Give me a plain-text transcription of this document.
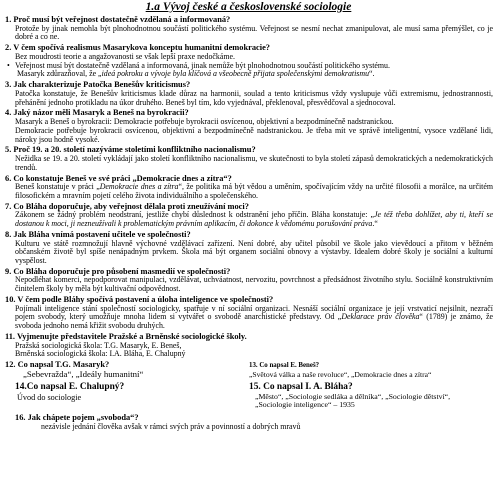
1.a Vývoj české a československé sociologie
1. Proč musí být veřejnost dostatečně vzdělaná a informovaná?
Protože by jinak nemohla být plnohodnotnou součástí politického systému. Veřejnost se nesmí nechat zmanipulovat, ale musí sama přemýšlet, co je dobré a co ne.
2. V čem spočívá realismus Masarykova konceptu humanitní demokracie?
Bez moudrosti teorie a angažovanosti se však lepší praxe nedočkáme.
• Veřejnost musí být dostatečně vzdělaná a informovaná, jinak nemůže být plnohodnotnou součástí politického systému.
Masaryk zdůrazňoval, že „ideá pokroku a vývoje byla klíčová a všeobecně přijata společenskými demokratismu“.
3. Jak charakterizuje Patočka Benešův kriticismus?
Patočka konstatuje, že Benešův kriticismus klade důraz na harmonii, soulad a tento kriticismus vždy vyslupuje vůči extremismu, jednostrannosti, přehánění jednoho protikladu na úkor druhého. Beneš byl tím, kdo vyjednával, překlenoval, přesvědčoval a sjednocoval.
4. Jaký názor měli Masaryk a Beneš na byrokracii?
Masaryk a Beneš o byrokracii: Demokracie potřebuje byrokracii osvícenou, objektivní a bezpodmínečně nadstranickou.
Demokracie potřebuje byrokracii osvícenou, objektivní a bezpodmínečně nadstranickou. Je třeba mít ve správě inteligentní, vysoce vzdělané lidi, nároky jsou hodně vysoké.
5. Proč 19. a 20. století nazýváme stoletími konfliktního nacionalismu?
Nežidka se 19. a 20. století vykládají jako století konfliktního nacionalismu, ve skutečnosti to byla století zápasů demokratických a nedemokratických trendů.
6. Co konstatuje Beneš ve své práci „Demokracie dnes a zítra“?
Beneš konstatuje v práci „Demokracie dnes a zítra“, že politika má být vědou a uměním, spočívajícím vždy na určité filosofii a morálce, na určitém filosofickém a mravním pojetí celého života individuálního a společenského.
7. Co Bláha doporučuje, aby veřejnost dělala proti zneužívání moci?
Zákonem se žádný problém neodstraní, jestliže chybí důslednost k odstranění jeho příčin. Bláha konstatuje: „Je též třeba dohlížet, aby ti, kteří se dostanou k moci, ji nezneužívali k problematickým právním aplikacím, či dokonce k vědomému porušování práva.“
8. Jak Bláha vnímá postavení učitele ve společnosti?
Kulturu ve státě rozmnožují hlavně výchovné vzdělávací zařízení. Není dobré, aby učitel působil ve škole jako vievědoucí a přitom v běžném občanském životě byl spíše nenápadným prvkem. Škola má být organem sociální obnovy a výstavby. Idealem dobré školy je sociální a kulturní vyspělost.
9. Co Bláha doporučuje pro působení masmedií ve společnosti?
Nepodléhat komerci, nepodporovat manipulaci, vzdělávat, uchváatnost, nervozitu, povrchnost a předsádnost životního stylu. Sociálně konstruktivním činitelem školy by měla být kultivační odpovědnost.
10. V čem podle Bláhy spočívá postavení a úloha inteligence ve společnosti?
Pojímali inteligence stání společností sociologicky, spatřuje v ní sociální organizaci. Nesnáší sociální organizace je její vrstvaticí nejsilnit, nezračí pojem svobody, který umožňuje mnoha lidem si vytvářet o svobodě anarchistické představy. Od „Deklarace práv člověka“ (1789) je známo, že svoboda jednoho nemá křižit svobodu druhých.
11. Vyjmenujte představitele Pražské a Brněnské sociologické školy.
Pražská sociologická škola: T.G. Masaryk, E. Beneš,
Brněnská sociologická škola: I.A. Bláha, E. Chalupný
12. Co napsal T.G. Masaryk?
„Sebevražda“, „Ideály humanitní“
13. Co napsal E. Beneš?
„Světová válka a naše revoluce“, „Demokracie dnes a zítra“
14.Co napsal E. Chalupný?
Úvod do sociologie
15. Co napsal I. A. Bláha?
„Město“, „Sociologie sedláka a dělníka“, „Sociologie dětství“,
„Sociologie inteligence“ – 1935
16. Jak chápete pojem „svoboda“?
nezávisle jednání člověka avšak v rámci svých práv a povinností a dobrých mravů
